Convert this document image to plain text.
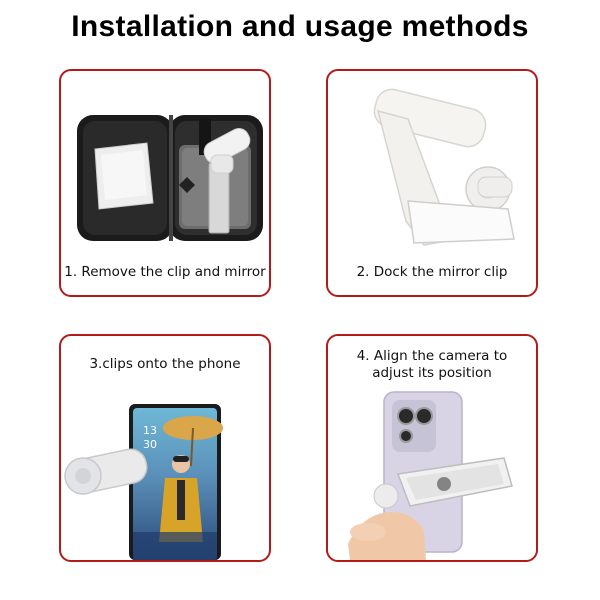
Installation and usage methods
1. Remove the clip and mirror	2. Dock the mirror clip
3.clips onto the phone
13
30
4. Align the camera to
adjust its position
